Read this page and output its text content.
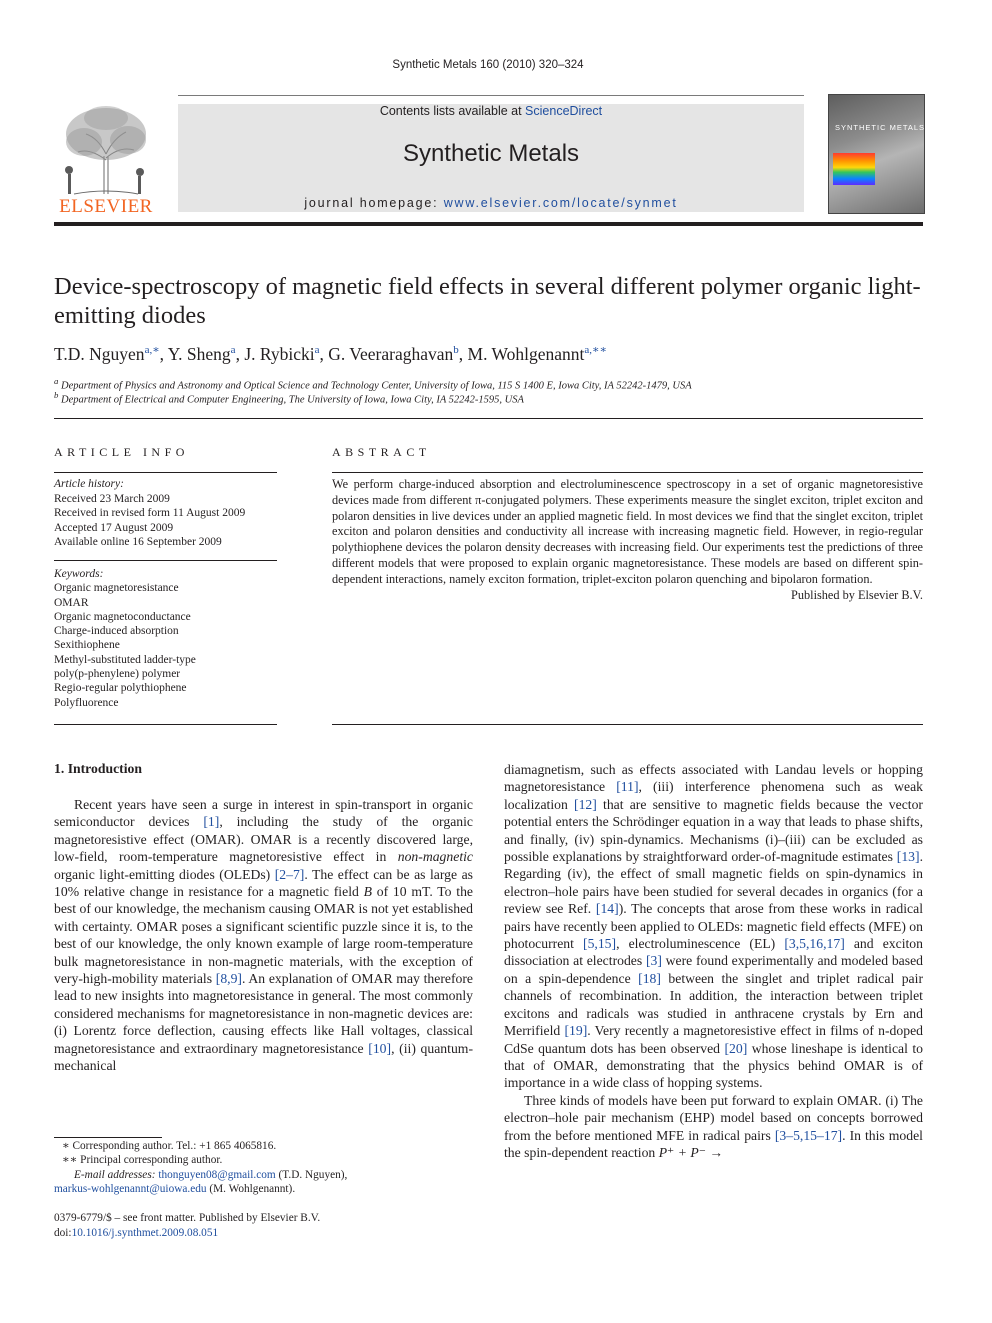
Synthetic Metals 160 (2010) 320–324
ELSEVIER
Contents lists available at ScienceDirect
Synthetic Metals
journal homepage: www.elsevier.com/locate/synmet
SYNTHETIC METALS
Device-spectroscopy of magnetic field effects in several different polymer organic light-emitting diodes
T.D. Nguyen$^{a,∗}$, Y. Sheng$^a$, J. Rybicki$^a$, G. Veeraraghavan$^b$, M. Wohlgenannt$^{a,∗∗}$
$^a$ Department of Physics and Astronomy and Optical Science and Technology Center, University of Iowa, 115 S 1400 E, Iowa City, IA 52242-1479, USA
$^b$ Department of Electrical and Computer Engineering, The University of Iowa, Iowa City, IA 52242-1595, USA
ARTICLE INFO
Article history:
Received 23 March 2009
Received in revised form 11 August 2009
Accepted 17 August 2009
Available online 16 September 2009
Keywords:
Organic magnetoresistance
OMAR
Organic magnetoconductance
Charge-induced absorption
Sexithiophene
Methyl-substituted ladder-type
poly(p-phenylene) polymer
Regio-regular polythiophene
Polyfluorence
ABSTRACT
We perform charge-induced absorption and electroluminescence spectroscopy in a set of organic magnetoresistive devices made from different π-conjugated polymers. These experiments measure the singlet exciton, triplet exciton and polaron densities in live devices under an applied magnetic field. In most devices we find that the singlet exciton, triplet exciton and polaron densities and conductivity all increase with increasing magnetic field. However, in regio-regular polythiophene devices the polaron density decreases with increasing field. Our experiments test the predictions of three different models that were proposed to explain organic magnetoresistance. These models are based on different spin-dependent interactions, namely exciton formation, triplet-exciton polaron quenching and bipolaron formation.
Published by Elsevier B.V.
1. Introduction
Recent years have seen a surge in interest in spin-transport in organic semiconductor devices [1], including the study of the organic magnetoresistive effect (OMAR). OMAR is a recently discovered large, low-field, room-temperature magnetoresistive effect in non-magnetic organic light-emitting diodes (OLEDs) [2–7]. The effect can be as large as 10% relative change in resistance for a magnetic field B of 10 mT. To the best of our knowledge, the mechanism causing OMAR is not yet established with certainty. OMAR poses a significant scientific puzzle since it is, to the best of our knowledge, the only known example of large room-temperature bulk magnetoresistance in non-magnetic materials, with the exception of very-high-mobility materials [8,9]. An explanation of OMAR may therefore lead to new insights into magnetoresistance in general. The most commonly considered mechanisms for magnetoresistance in non-magnetic devices are: (i) Lorentz force deflection, causing effects like Hall voltages, classical magnetoresistance and extraordinary magnetoresistance [10], (ii) quantum-mechanical

diamagnetism, such as effects associated with Landau levels or hopping magnetoresistance [11], (iii) interference phenomena such as weak localization [12] that are sensitive to magnetic fields because the vector potential enters the Schrödinger equation in a way that leads to phase shifts, and finally, (iv) spin-dynamics. Mechanisms (i)–(iii) can be excluded as possible explanations by straightforward order-of-magnitude estimates [13]. Regarding (iv), the effect of small magnetic fields on spin-dynamics in electron–hole pairs have been studied for several decades in organics (for a review see Ref. [14]). The concepts that arose from these works in radical pairs have recently been applied to OLEDs: magnetic field effects (MFE) on photocurrent [5,15], electroluminescence (EL) [3,5,16,17] and exciton dissociation at electrodes [3] were found experimentally and modeled based on a spin-dependence [18] between the singlet and triplet radical pair channels of recombination. In addition, the interaction between triplet excitons and radicals was studied in anthracene crystals by Ern and Merrifield [19]. Very recently a magnetoresistive effect in films of n-doped CdSe quantum dots has been observed [20] whose lineshape is identical to that of OMAR, demonstrating that the physics behind OMAR is of importance in a wide class of hopping systems.

Three kinds of models have been put forward to explain OMAR. (i) The electron–hole pair mechanism (EHP) model based on concepts borrowed from the before mentioned MFE in radical pairs [3–5,15–17]. In this model the spin-dependent reaction P⁺ + P⁻ →

∗ Corresponding author. Tel.: +1 865 4065816.
∗∗ Principal corresponding author.
E-mail addresses: thonguyen08@gmail.com (T.D. Nguyen),
markus-wohlgenannt@uiowa.edu (M. Wohlgenannt).
0379-6779/$ – see front matter. Published by Elsevier B.V.
doi:10.1016/j.synthmet.2009.08.051
